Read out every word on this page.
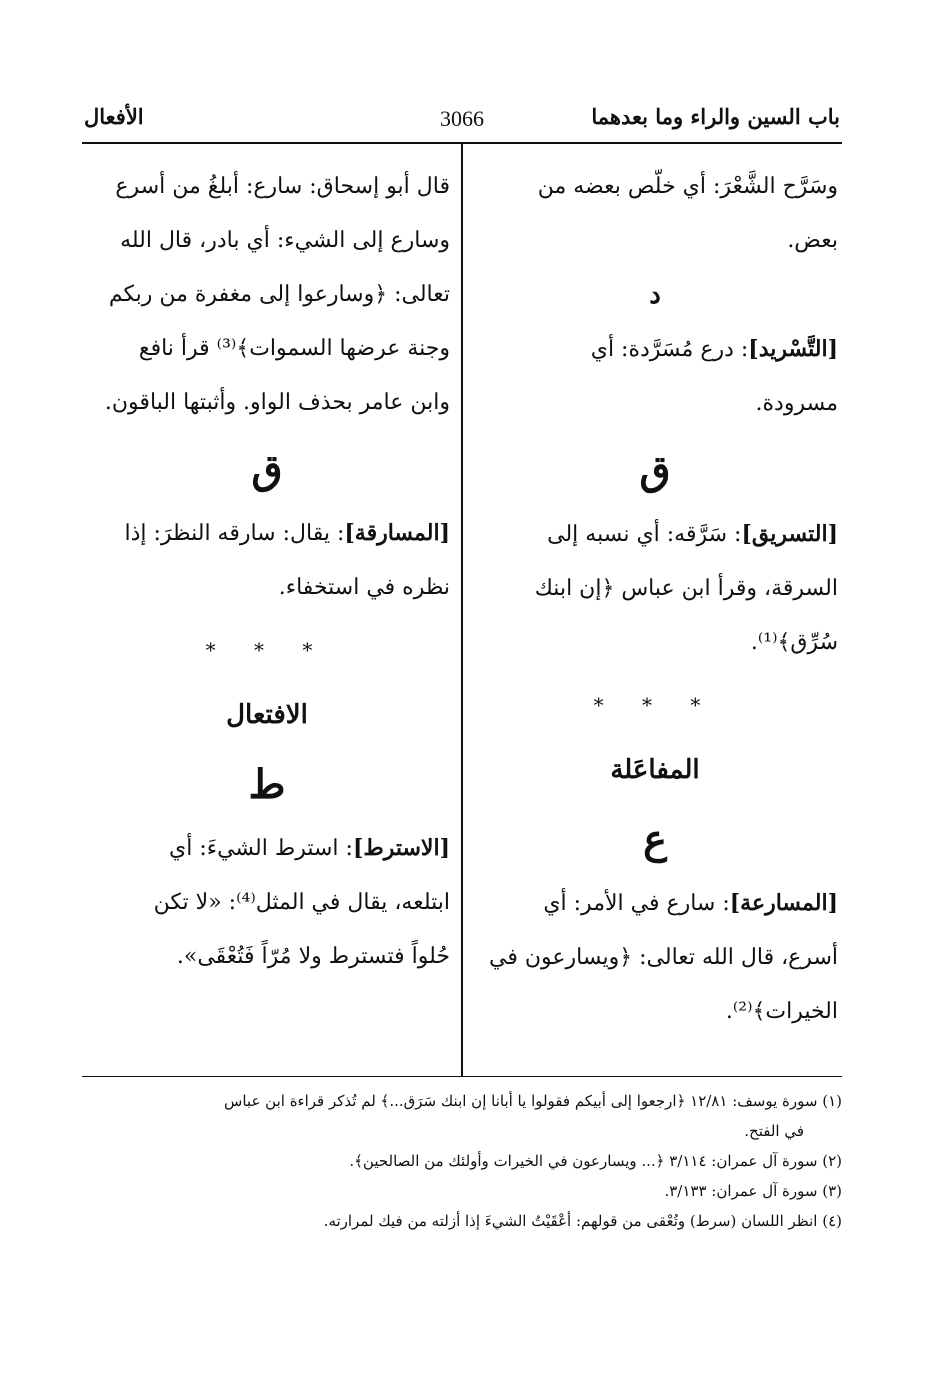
باب السين والراء وما بعدهما
3066
الأفعال

وسَرَّح الشَّعْرَ: أي خلّص بعضه من

بعض.

د

[التَّسْريد]: درع مُسَرَّدة: أي

مسرودة.

ق

[التسريق]: سَرَّقه: أي نسبه إلى

السرقة، وقرأ ابن عباس ﴿إن ابنك

سُرِّق﴾⁽¹⁾.

* * *
المفاعَلة
ع

[المسارعة]: سارع في الأمر: أي

أسرع، قال الله تعالى: ﴿ويسارعون في

الخيرات﴾⁽²⁾.

قال أبو إسحاق: سارع: أبلغُ من أسرع

وسارع إلى الشيء: أي بادر، قال الله

تعالى: ﴿وسارعوا إلى مغفرة من ربكم

وجنة عرضها السموات﴾⁽³⁾ قرأ نافع

وابن عامر بحذف الواو. وأثبتها الباقون.

ق

[المسارقة]: يقال: سارقه النظرَ: إذا

نظره في استخفاء.

* * *
الافتعال
ط

[الاسترط]: استرط الشيءَ: أي

ابتلعه، يقال في المثل⁽⁴⁾: «لا تكن

حُلواً فتسترط ولا مُرّاً فَتُعْقَى».

(١) سورة يوسف: ١٢/٨١ ﴿ارجعوا إلى أبيكم فقولوا يا أبانا إن ابنك سَرَق...﴾ لم تُذكر قراءة ابن عباس

في الفتح.

(٢) سورة آل عمران: ٣/١١٤ ﴿... ويسارعون في الخيرات وأولئك من الصالحين﴾.

(٣) سورة آل عمران: ٣/١٣٣.

(٤) انظر اللسان (سرط) وتُعْقى من قولهم: أعْقَيْتُ الشيءَ إذا أزلته من فيك لمرارته.
